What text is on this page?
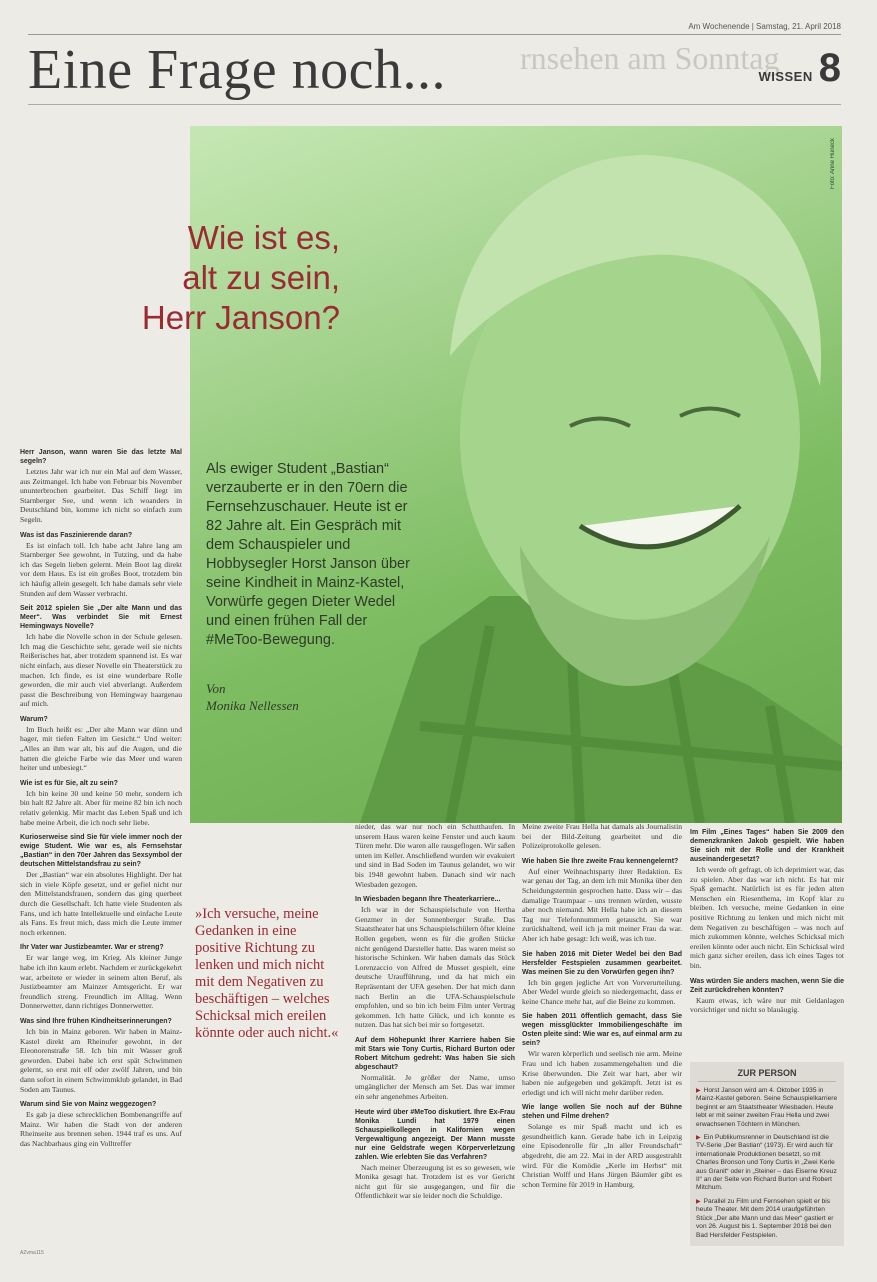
Am Wochenende | Samstag, 21. April 2018
rnsehen am Sonntag
Eine Frage noch...	WISSEN 8
Foto: Anne Huneck
Wie ist es,
alt zu sein,
Herr Janson?
Als ewiger Student „Bastian“ verzauberte er in den 70ern die Fernsehzuschauer. Heute ist er 82 Jahre alt. Ein Gespräch mit dem Schauspieler und Hobbysegler Horst Janson über seine Kindheit in Mainz-Kastel, Vorwürfe gegen Dieter Wedel und einen frühen Fall der #MeToo-Bewegung.
Von
Monika Nellessen
Herr Janson, wann waren Sie das letzte Mal segeln?

Letztes Jahr war ich nur ein Mal auf dem Wasser, aus Zeitmangel. Ich habe von Februar bis November ununterbrochen gearbeitet. Das Schiff liegt im Starnberger See, und wenn ich woanders in Deutschland bin, komme ich nicht so einfach zum Segeln.

Was ist das Faszinierende daran?

Es ist einfach toll. Ich habe acht Jahre lang am Starnberger See gewohnt, in Tutzing, und da habe ich das Segeln lieben gelernt. Mein Boot lag direkt vor dem Haus. Es ist ein großes Boot, trotzdem bin ich häufig allein gesegelt. Ich habe damals sehr viele Stunden auf dem Wasser verbracht.

Seit 2012 spielen Sie „Der alte Mann und das Meer“. Was verbindet Sie mit Ernest Hemingways Novelle?

Ich habe die Novelle schon in der Schule gelesen. Ich mag die Geschichte sehr, gerade weil sie nichts Reißerisches hat, aber trotzdem spannend ist. Es war nicht einfach, aus dieser Novelle ein Theaterstück zu machen. Ich finde, es ist eine wunderbare Rolle geworden, die mir auch viel abverlangt. Außerdem passt die Beschreibung von Hemingway haargenau auf mich.

Warum?

Im Buch heißt es: „Der alte Mann war dünn und hager, mit tiefen Falten im Gesicht.“ Und weiter: „Alles an ihm war alt, bis auf die Augen, und die hatten die gleiche Farbe wie das Meer und waren heiter und unbesiegt.“

Wie ist es für Sie, alt zu sein?

Ich bin keine 30 und keine 50 mehr, sondern ich bin halt 82 Jahre alt. Aber für meine 82 bin ich noch relativ gelenkig. Mir macht das Leben Spaß und ich habe meine Arbeit, die ich noch sehr liebe.

Kurioserweise sind Sie für viele immer noch der ewige Student. Wie war es, als Fernsehstar „Bastian“ in den 70er Jahren das Sexsymbol der deutschen Mittelstandsfrau zu sein?

Der „Bastian“ war ein absolutes Highlight. Der hat sich in viele Köpfe gesetzt, und er gefiel nicht nur den Mittelstandsfrauen, sondern das ging querbeet durch die Gesellschaft. Ich hatte viele Studenten als Fans, und ich hatte Intellektuelle und einfache Leute als Fans. Es freut mich, dass mich die Leute immer noch erkennen.

Ihr Vater war Justizbeamter. War er streng?

Er war lange weg, im Krieg. Als kleiner Junge habe ich ihn kaum erlebt. Nachdem er zurückgekehrt war, arbeitete er wieder in seinem alten Beruf, als Justizbeamter am Mainzer Amtsgericht. Er war freundlich streng. Freundlich im Alltag. Wenn Donnerwetter, dann richtiges Donnerwetter.

Was sind Ihre frühen Kindheitserinnerungen?

Ich bin in Mainz geboren. Wir haben in Mainz-Kastel direkt am Rheinufer gewohnt, in der Eleonorenstraße 58. Ich bin mit Wasser groß geworden. Dabei habe ich erst spät Schwimmen gelernt, so erst mit elf oder zwölf Jahren, und bin dann sofort in einem Schwimmklub gelandet, in Bad Soden am Taunus.

Warum sind Sie von Mainz weggezogen?

Es gab ja diese schrecklichen Bombenangriffe auf Mainz. Wir haben die Stadt von der anderen Rheinseite aus brennen sehen. 1944 traf es uns. Auf das Nachbarhaus ging ein Volltreffer

nieder, das war nur noch ein Schutthaufen. In unserem Haus waren keine Fenster und auch kaum Türen mehr. Die waren alle rausgeflogen. Wir saßen unten im Keller. Anschließend wurden wir evakuiert und sind in Bad Soden im Taunus gelandet, wo wir bis 1948 gewohnt haben. Danach sind wir nach Wiesbaden gezogen.

In Wiesbaden begann Ihre Theaterkarriere...

Ich war in der Schauspielschule von Hertha Genzmer in der Sonnenberger Straße. Das Staatstheater hat uns Schauspielschülern öfter kleine Rollen gegeben, wenn es für die großen Stücke nicht genügend Darsteller hatte. Das waren meist so historische Schinken. Wir haben damals das Stück Lorenzaccio von Alfred de Musset gespielt, eine deutsche Uraufführung, und da hat mich ein Repräsentant der UFA gesehen. Der hat mich dann nach Berlin an die UFA-Schauspielschule empfohlen, und so bin ich beim Film unter Vertrag gekommen. Ich hatte Glück, und ich konnte es nutzen. Das hat sich bei mir so fortgesetzt.

Auf dem Höhepunkt Ihrer Karriere haben Sie mit Stars wie Tony Curtis, Richard Burton oder Robert Mitchum gedreht: Was haben Sie sich abgeschaut?

Normalität. Je größer der Name, umso umgänglicher der Mensch am Set. Das war immer ein sehr angenehmes Arbeiten.

Heute wird über #MeToo diskutiert. Ihre Ex-Frau Monika Lundi hat 1979 einen Schauspielkollegen in Kalifornien wegen Vergewaltigung angezeigt. Der Mann musste nur eine Geldstrafe wegen Körperverletzung zahlen. Wie erlebten Sie das Verfahren?

Nach meiner Überzeugung ist es so gewesen, wie Monika gesagt hat. Trotzdem ist es vor Gericht nicht gut für sie ausgegangen, und für die Öffentlichkeit war sie leider noch die Schuldige.

Meine zweite Frau Hella hat damals als Journalistin bei der Bild-Zeitung gearbeitet und die Polizeiprotokolle gelesen.

Wie haben Sie Ihre zweite Frau kennengelernt?

Auf einer Weihnachtsparty ihrer Redaktion. Es war genau der Tag, an dem ich mit Monika über den Scheidungstermin gesprochen hatte. Dass wir – das damalige Traumpaar – uns trennen würden, wusste aber noch niemand. Mit Hella habe ich an diesem Tag nur Telefonnummern getauscht. Sie war zurückhaltend, weil ich ja mit meiner Frau da war. Aber ich habe gesagt: Ich weiß, was ich tue.

Sie haben 2016 mit Dieter Wedel bei den Bad Hersfelder Festspielen zusammen gearbeitet. Was meinen Sie zu den Vorwürfen gegen ihn?

Ich bin gegen jegliche Art von Vorverurteilung. Aber Wedel wurde gleich so niedergemacht, dass er keine Chance mehr hat, auf die Beine zu kommen.

Sie haben 2011 öffentlich gemacht, dass Sie wegen missglückter Immobiliengeschäfte im Osten pleite sind: Wie war es, auf einmal arm zu sein?

Wir waren körperlich und seelisch nie arm. Meine Frau und ich haben zusammengehalten und die Krise überwunden. Die Zeit war hart, aber wir haben nie aufgegeben und gekämpft. Jetzt ist es erledigt und ich will nicht mehr darüber reden.

Wie lange wollen Sie noch auf der Bühne stehen und Filme drehen?

Solange es mir Spaß macht und ich es gesundheitlich kann. Gerade habe ich in Leipzig eine Episodenrolle für „In aller Freundschaft“ abgedreht, die am 22. Mai in der ARD ausgestrahlt wird. Für die Komödie „Kerle im Herbst“ mit Christian Wolff und Hans Jürgen Bäumler gibt es schon Termine für 2019 in Hamburg.

Im Film „Eines Tages“ haben Sie 2009 den demenzkranken Jakob gespielt. Wie haben Sie sich mit der Rolle und der Krankheit auseinandergesetzt?

Ich werde oft gefragt, ob ich deprimiert war, das zu spielen. Aber das war ich nicht. Es hat mir Spaß gemacht. Natürlich ist es für jeden alten Menschen ein Riesenthema, im Kopf klar zu bleiben. Ich versuche, meine Gedanken in eine positive Richtung zu lenken und mich nicht mit dem Negativen zu beschäftigen – was noch auf mich zukommen könnte, welches Schicksal mich ereilen könnte oder auch nicht. Ein Schicksal wird mich ganz sicher ereilen, dass ich eines Tages tot bin.

Was würden Sie anders machen, wenn Sie die Zeit zurückdrehen könnten?

Kaum etwas, ich wäre nur mit Geldanlagen vorsichtiger und nicht so blauäugig.

»Ich versuche, meine Gedanken in eine positive Richtung zu lenken und mich nicht mit dem Negativen zu beschäftigen – welches Schicksal mich ereilen könnte oder auch nicht.«
ZUR PERSON

▶ Horst Janson wird am 4. Oktober 1935 in Mainz-Kastel geboren. Seine Schauspielkarriere beginnt er am Staatstheater Wiesbaden. Heute lebt er mit seiner zweiten Frau Hella und zwei erwachsenen Töchtern in München.

▶ Ein Publikumsrenner in Deutschland ist die TV-Serie „Der Bastian“ (1973). Er wird auch für internationale Produktionen besetzt, so mit Charles Bronson und Tony Curtis in „Zwei Kerle aus Granit“ oder in „Steiner – das Eiserne Kreuz II“ an der Seite von Richard Burton und Robert Mitchum.

▶ Parallel zu Film und Fernsehen spielt er bis heute Theater. Mit dem 2014 uraufgeführten Stück „Der alte Mann und das Meer“ gastiert er von 26. August bis 1. September 2018 bei den Bad Hersfelder Festspielen.

AZvma115
